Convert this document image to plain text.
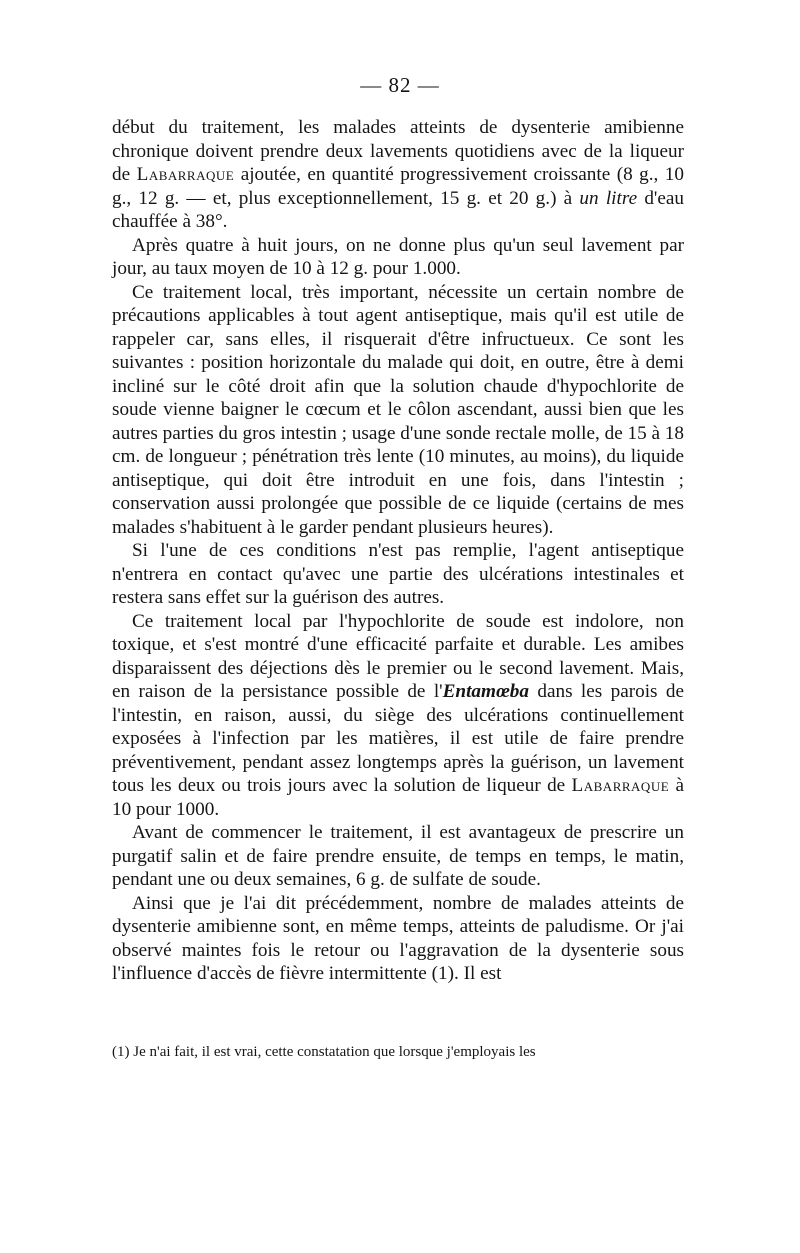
— 82 —

début du traitement, les malades atteints de dysenterie amibienne chronique doivent prendre deux lavements quotidiens avec de la liqueur de Labarraque ajoutée, en quantité progressivement croissante (8 g., 10 g., 12 g. — et, plus exceptionnellement, 15 g. et 20 g.) à un litre d'eau chauffée à 38°.

Après quatre à huit jours, on ne donne plus qu'un seul lavement par jour, au taux moyen de 10 à 12 g. pour 1.000.

Ce traitement local, très important, nécessite un certain nombre de précautions applicables à tout agent antiseptique, mais qu'il est utile de rappeler car, sans elles, il risquerait d'être infructueux. Ce sont les suivantes : position horizontale du malade qui doit, en outre, être à demi incliné sur le côté droit afin que la solution chaude d'hypochlorite de soude vienne baigner le cœcum et le côlon ascendant, aussi bien que les autres parties du gros intestin ; usage d'une sonde rectale molle, de 15 à 18 cm. de longueur ; pénétration très lente (10 minutes, au moins), du liquide antiseptique, qui doit être introduit en une fois, dans l'intestin ; conservation aussi prolongée que possible de ce liquide (certains de mes malades s'habituent à le garder pendant plusieurs heures).

Si l'une de ces conditions n'est pas remplie, l'agent antiseptique n'entrera en contact qu'avec une partie des ulcérations intestinales et restera sans effet sur la guérison des autres.

Ce traitement local par l'hypochlorite de soude est indolore, non toxique, et s'est montré d'une efficacité parfaite et durable. Les amibes disparaissent des déjections dès le premier ou le second lavement. Mais, en raison de la persistance possible de l'Entamœba dans les parois de l'intestin, en raison, aussi, du siège des ulcérations continuellement exposées à l'infection par les matières, il est utile de faire prendre préventivement, pendant assez longtemps après la guérison, un lavement tous les deux ou trois jours avec la solution de liqueur de Labarraque à 10 pour 1000.

Avant de commencer le traitement, il est avantageux de prescrire un purgatif salin et de faire prendre ensuite, de temps en temps, le matin, pendant une ou deux semaines, 6 g. de sulfate de soude.

Ainsi que je l'ai dit précédemment, nombre de malades atteints de dysenterie amibienne sont, en même temps, atteints de paludisme. Or j'ai observé maintes fois le retour ou l'aggravation de la dysenterie sous l'influence d'accès de fièvre intermittente (1). Il est

(1) Je n'ai fait, il est vrai, cette constatation que lorsque j'employais les
